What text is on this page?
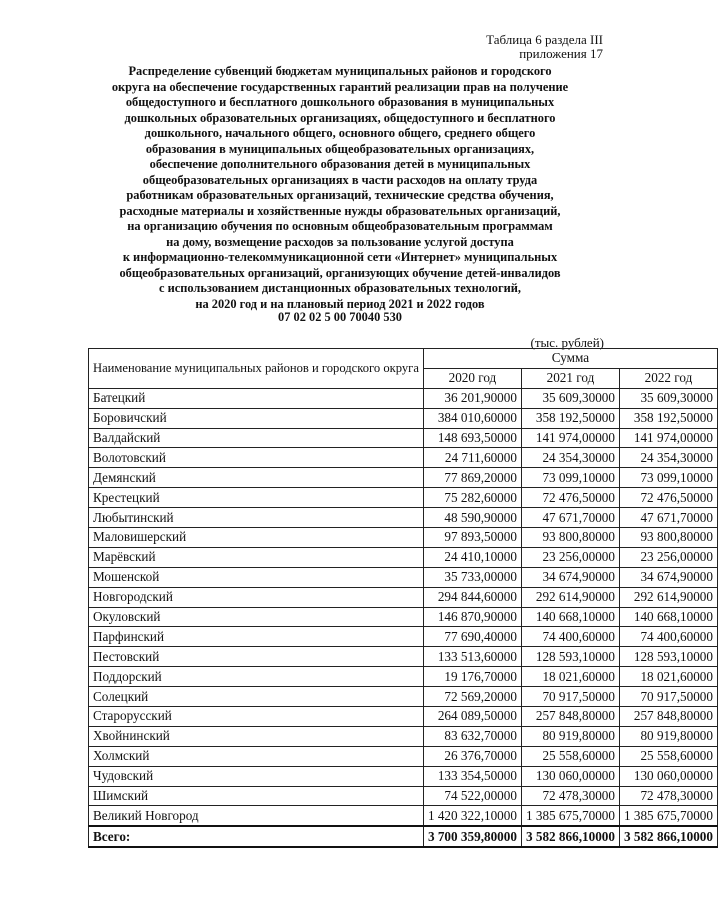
Таблица 6 раздела III
приложения 17
Распределение субвенций бюджетам муниципальных районов и городского
округа на обеспечение государственных гарантий реализации прав на получение
общедоступного и бесплатного дошкольного образования в муниципальных
дошкольных образовательных организациях, общедоступного и бесплатного
дошкольного, начального общего, основного общего, среднего общего
образования в муниципальных общеобразовательных организациях,
обеспечение дополнительного образования детей в муниципальных
общеобразовательных организациях в части расходов на оплату труда
работникам образовательных организаций, технические средства обучения,
расходные материалы и хозяйственные нужды образовательных организаций,
на организацию обучения по основным общеобразовательным программам
на дому, возмещение расходов за пользование услугой доступа
к информационно-телекоммуникационной сети «Интернет» муниципальных
общеобразовательных организаций, организующих обучение детей-инвалидов
с использованием дистанционных образовательных технологий,
на 2020 год и на плановый период 2021 и 2022 годов
07 02 02 5 00 70040 530
(тыс. рублей)
Наименование муниципальных районов и городского округа	Сумма		
	2020 год	2021 год	2022 год
Батецкий	36 201,90000	35 609,30000	35 609,30000
Боровичский	384 010,60000	358 192,50000	358 192,50000
Валдайский	148 693,50000	141 974,00000	141 974,00000
Волотовский	24 711,60000	24 354,30000	24 354,30000
Демянский	77 869,20000	73 099,10000	73 099,10000
Крестецкий	75 282,60000	72 476,50000	72 476,50000
Любытинский	48 590,90000	47 671,70000	47 671,70000
Маловишерский	97 893,50000	93 800,80000	93 800,80000
Марёвский	24 410,10000	23 256,00000	23 256,00000
Мошенской	35 733,00000	34 674,90000	34 674,90000
Новгородский	294 844,60000	292 614,90000	292 614,90000
Окуловский	146 870,90000	140 668,10000	140 668,10000
Парфинский	77 690,40000	74 400,60000	74 400,60000
Пестовский	133 513,60000	128 593,10000	128 593,10000
Поддорский	19 176,70000	18 021,60000	18 021,60000
Солецкий	72 569,20000	70 917,50000	70 917,50000
Старорусский	264 089,50000	257 848,80000	257 848,80000
Хвойнинский	83 632,70000	80 919,80000	80 919,80000
Холмский	26 376,70000	25 558,60000	25 558,60000
Чудовский	133 354,50000	130 060,00000	130 060,00000
Шимский	74 522,00000	72 478,30000	72 478,30000
Великий Новгород	1 420 322,10000	1 385 675,70000	1 385 675,70000
Всего:	3 700 359,80000	3 582 866,10000	3 582 866,10000
